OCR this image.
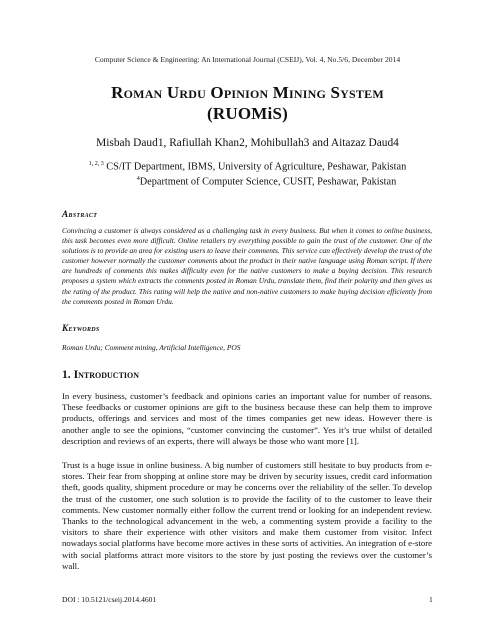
Computer Science & Engineering: An International Journal (CSEIJ), Vol. 4, No.5/6, December 2014
Roman Urdu Opinion Mining System
(RUOMiS)
Misbah Daud1, Rafiullah Khan2, Mohibullah3 and Aitazaz Daud4
$^{1, 2, 3}$ CS/IT Department, IBMS, University of Agriculture, Peshawar, Pakistan
$^4$Department of Computer Science, CUSIT, Peshawar, Pakistan
Abstract
Convincing a customer is always considered as a challenging task in every business. But when it comes to online business, this task becomes even more difficult. Online retailers try everything possible to gain the trust of the customer. One of the solutions is to provide an area for existing users to leave their comments. This service can effectively develop the trust of the customer however normally the customer comments about the product in their native language using Roman script. If there are hundreds of comments this makes difficulty even for the native customers to make a buying decision. This research proposes a system which extracts the comments posted in Roman Urdu, translate them, find their polarity and then gives us the rating of the product. This rating will help the native and non-native customers to make buying decision efficiently from the comments posted in Roman Urdu.
Keywords
Roman Urdu; Comment mining, Artificial Intelligence, POS
1. Introduction
In every business, customer’s feedback and opinions caries an important value for number of reasons. These feedbacks or customer opinions are gift to the business because these can help them to improve products, offerings and services and most of the times companies get new ideas. However there is another angle to see the opinions, “customer convincing the customer”. Yes it’s true whilst of detailed description and reviews of an experts, there will always be those who want more [1].
Trust is a huge issue in online business. A big number of customers still hesitate to buy products from e-stores. Their fear from shopping at online store may be driven by security issues, credit card information theft, goods quality, shipment procedure or may be concerns over the reliability of the seller. To develop the trust of the customer, one such solution is to provide the facility of to the customer to leave their comments. New customer normally either follow the current trend or looking for an independent review. Thanks to the technological advancement in the web, a commenting system provide a facility to the visitors to share their experience with other visitors and make them customer from visitor. Infect nowadays social platforms have become more actives in these sorts of activities. An integration of e-store with social platforms attract more visitors to the store by just posting the reviews over the customer’s wall.
DOI : 10.5121/cseij.2014.4601	1
